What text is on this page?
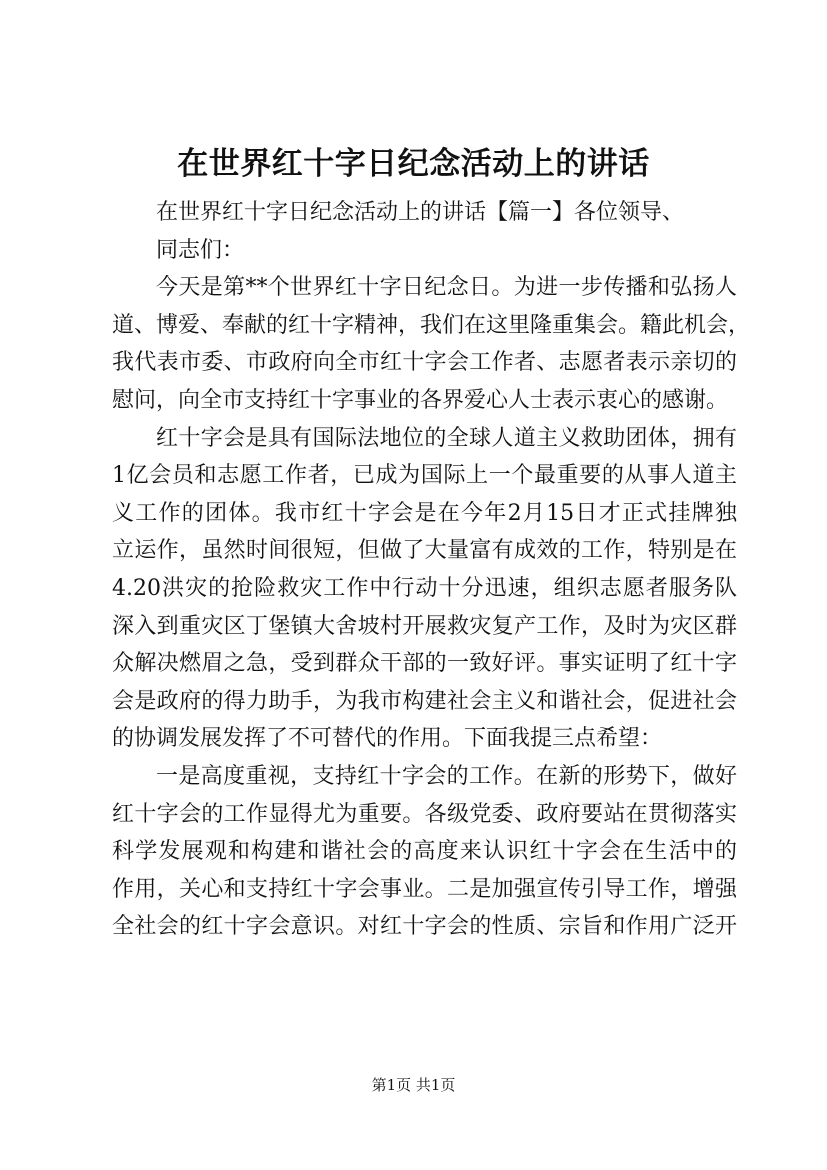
在世界红十字日纪念活动上的讲话
在世界红十字日纪念活动上的讲话【篇一】各位领导、
同志们：
今天是第**个世界红十字日纪念日。为进一步传播和弘扬人
道、博爱、奉献的红十字精神，我们在这里隆重集会。籍此机会，
我代表市委、市政府向全市红十字会工作者、志愿者表示亲切的
慰问，向全市支持红十字事业的各界爱心人士表示衷心的感谢。
红十字会是具有国际法地位的全球人道主义救助团体，拥有
1亿会员和志愿工作者，已成为国际上一个最重要的从事人道主
义工作的团体。我市红十字会是在今年2月15日才正式挂牌独
立运作，虽然时间很短，但做了大量富有成效的工作，特别是在
4.20洪灾的抢险救灾工作中行动十分迅速，组织志愿者服务队
深入到重灾区丁堡镇大舍坡村开展救灾复产工作，及时为灾区群
众解决燃眉之急，受到群众干部的一致好评。事实证明了红十字
会是政府的得力助手，为我市构建社会主义和谐社会，促进社会
的协调发展发挥了不可替代的作用。下面我提三点希望：
一是高度重视，支持红十字会的工作。在新的形势下，做好
红十字会的工作显得尤为重要。各级党委、政府要站在贯彻落实
科学发展观和构建和谐社会的高度来认识红十字会在生活中的
作用，关心和支持红十字会事业。二是加强宣传引导工作，增强
全社会的红十字会意识。对红十字会的性质、宗旨和作用广泛开
第1页 共1页
